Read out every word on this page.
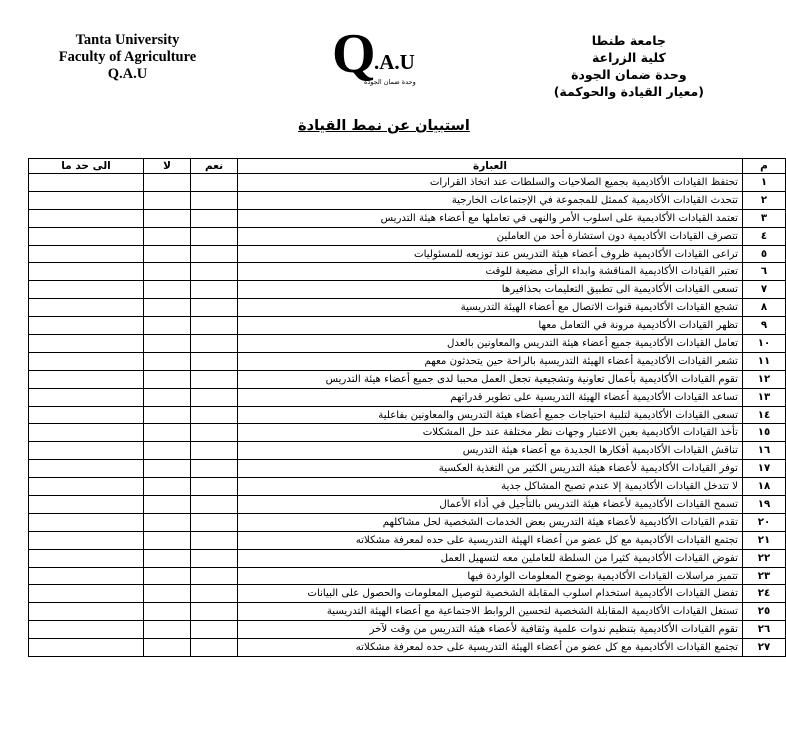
Tanta University
Faculty of Agriculture
Q.A.U	Q
.A.U
وحدة ضمان الجودة
جامعة طنطا
كلية الزراعة
وحدة ضمان الجودة
(معيار القيادة والحوكمة)
استبيان عن نمط القيادة
م	العبارة	نعم	لا	الى حد ما
١	تحتفظ القيادات الأكاديمية بجميع الصلاحيات والسلطات عند اتخاذ القرارات			
٢	تتحدث القيادات الأكاديمية كممثل للمجموعة في الإجتماعات الخارجية			
٣	تعتمد القيادات الأكاديمية على اسلوب الأمر والنهى في تعاملها مع أعضاء هيئة التدريس			
٤	تتصرف القيادات الأكاديمية دون استشارة أحد من العاملين			
٥	تراعى القيادات الأكاديمية ظروف أعضاء هيئة التدريس عند توزيعه للمسئوليات			
٦	تعتبر القيادات الأكاديمية المناقشة وابداء الرأى مضيعة للوقت			
٧	تسعى القيادات الأكاديمية الى تطبيق التعليمات بحذافيرها			
٨	تشجع القيادات الأكاديمية قنوات الاتصال مع أعضاء الهيئة التدريسية			
٩	تظهر القيادات الأكاديمية مرونة في التعامل معها			
١٠	تعامل القيادات الأكاديمية جميع أعضاء هيئة التدريس والمعاونين بالعدل			
١١	تشعر القيادات الأكاديمية أعضاء الهيئة التدريسية بالراحة حين يتحدثون معهم			
١٢	تقوم القيادات الأكاديمية بأعمال تعاونية وتشجيعية تجعل العمل محببا لدى جميع أعضاء هيئة التدريس			
١٣	تساعد القيادات الأكاديمية أعضاء الهيئة التدريسية على تطوير قدراتهم			
١٤	تسعى القيادات الأكاديمية لتلبية احتياجات جميع أعضاء هيئة التدريس والمعاونين بفاعلية			
١٥	تأخذ القيادات الأكاديمية بعين الاعتبار وجهات نظر مختلفة عند حل المشكلات			
١٦	تناقش القيادات الأكاديمية أفكارها الجديدة مع أعضاء هيئة التدريس			
١٧	توفر القيادات الأكاديمية لأعضاء هيئة التدريس الكثير من التغذية العكسية			
١٨	لا تتدخل القيادات الأكاديمية إلا عندم تصبح المشاكل جدية			
١٩	تسمح القيادات الأكاديمية لأعضاء هيئة التدريس بالتأجيل في أداء الأعمال			
٢٠	تقدم القيادات الأكاديمية لأعضاء هيئة التدريس بعض الخدمات الشخصية لحل مشاكلهم			
٢١	تجتمع القيادات الأكاديمية مع كل عضو من أعضاء الهيئة التدريسية على حده لمعرفة مشكلاته			
٢٢	تفوض القيادات الأكاديمية كثيرا من السلطة للعاملين معه لتسهيل العمل			
٢٣	تتميز مراسلات القيادات الأكاديمية بوضوح المعلومات الواردة فيها			
٢٤	تفضل القيادات الأكاديمية استخدام اسلوب المقابلة الشخصية لتوصيل المعلومات والحصول على البيانات			
٢٥	تستغل القيادات الأكاديمية المقابلة الشخصية لتحسين الروابط الاجتماعية مع أعضاء الهيئة التدريسية			
٢٦	تقوم القيادات الأكاديمية بتنظيم ندوات علمية وثقافية لأعضاء هيئة التدريس من وقت لآخر			
٢٧	تجتمع القيادات الأكاديمية مع كل عضو من أعضاء الهيئة التدريسية على حده لمعرفة مشكلاته			
